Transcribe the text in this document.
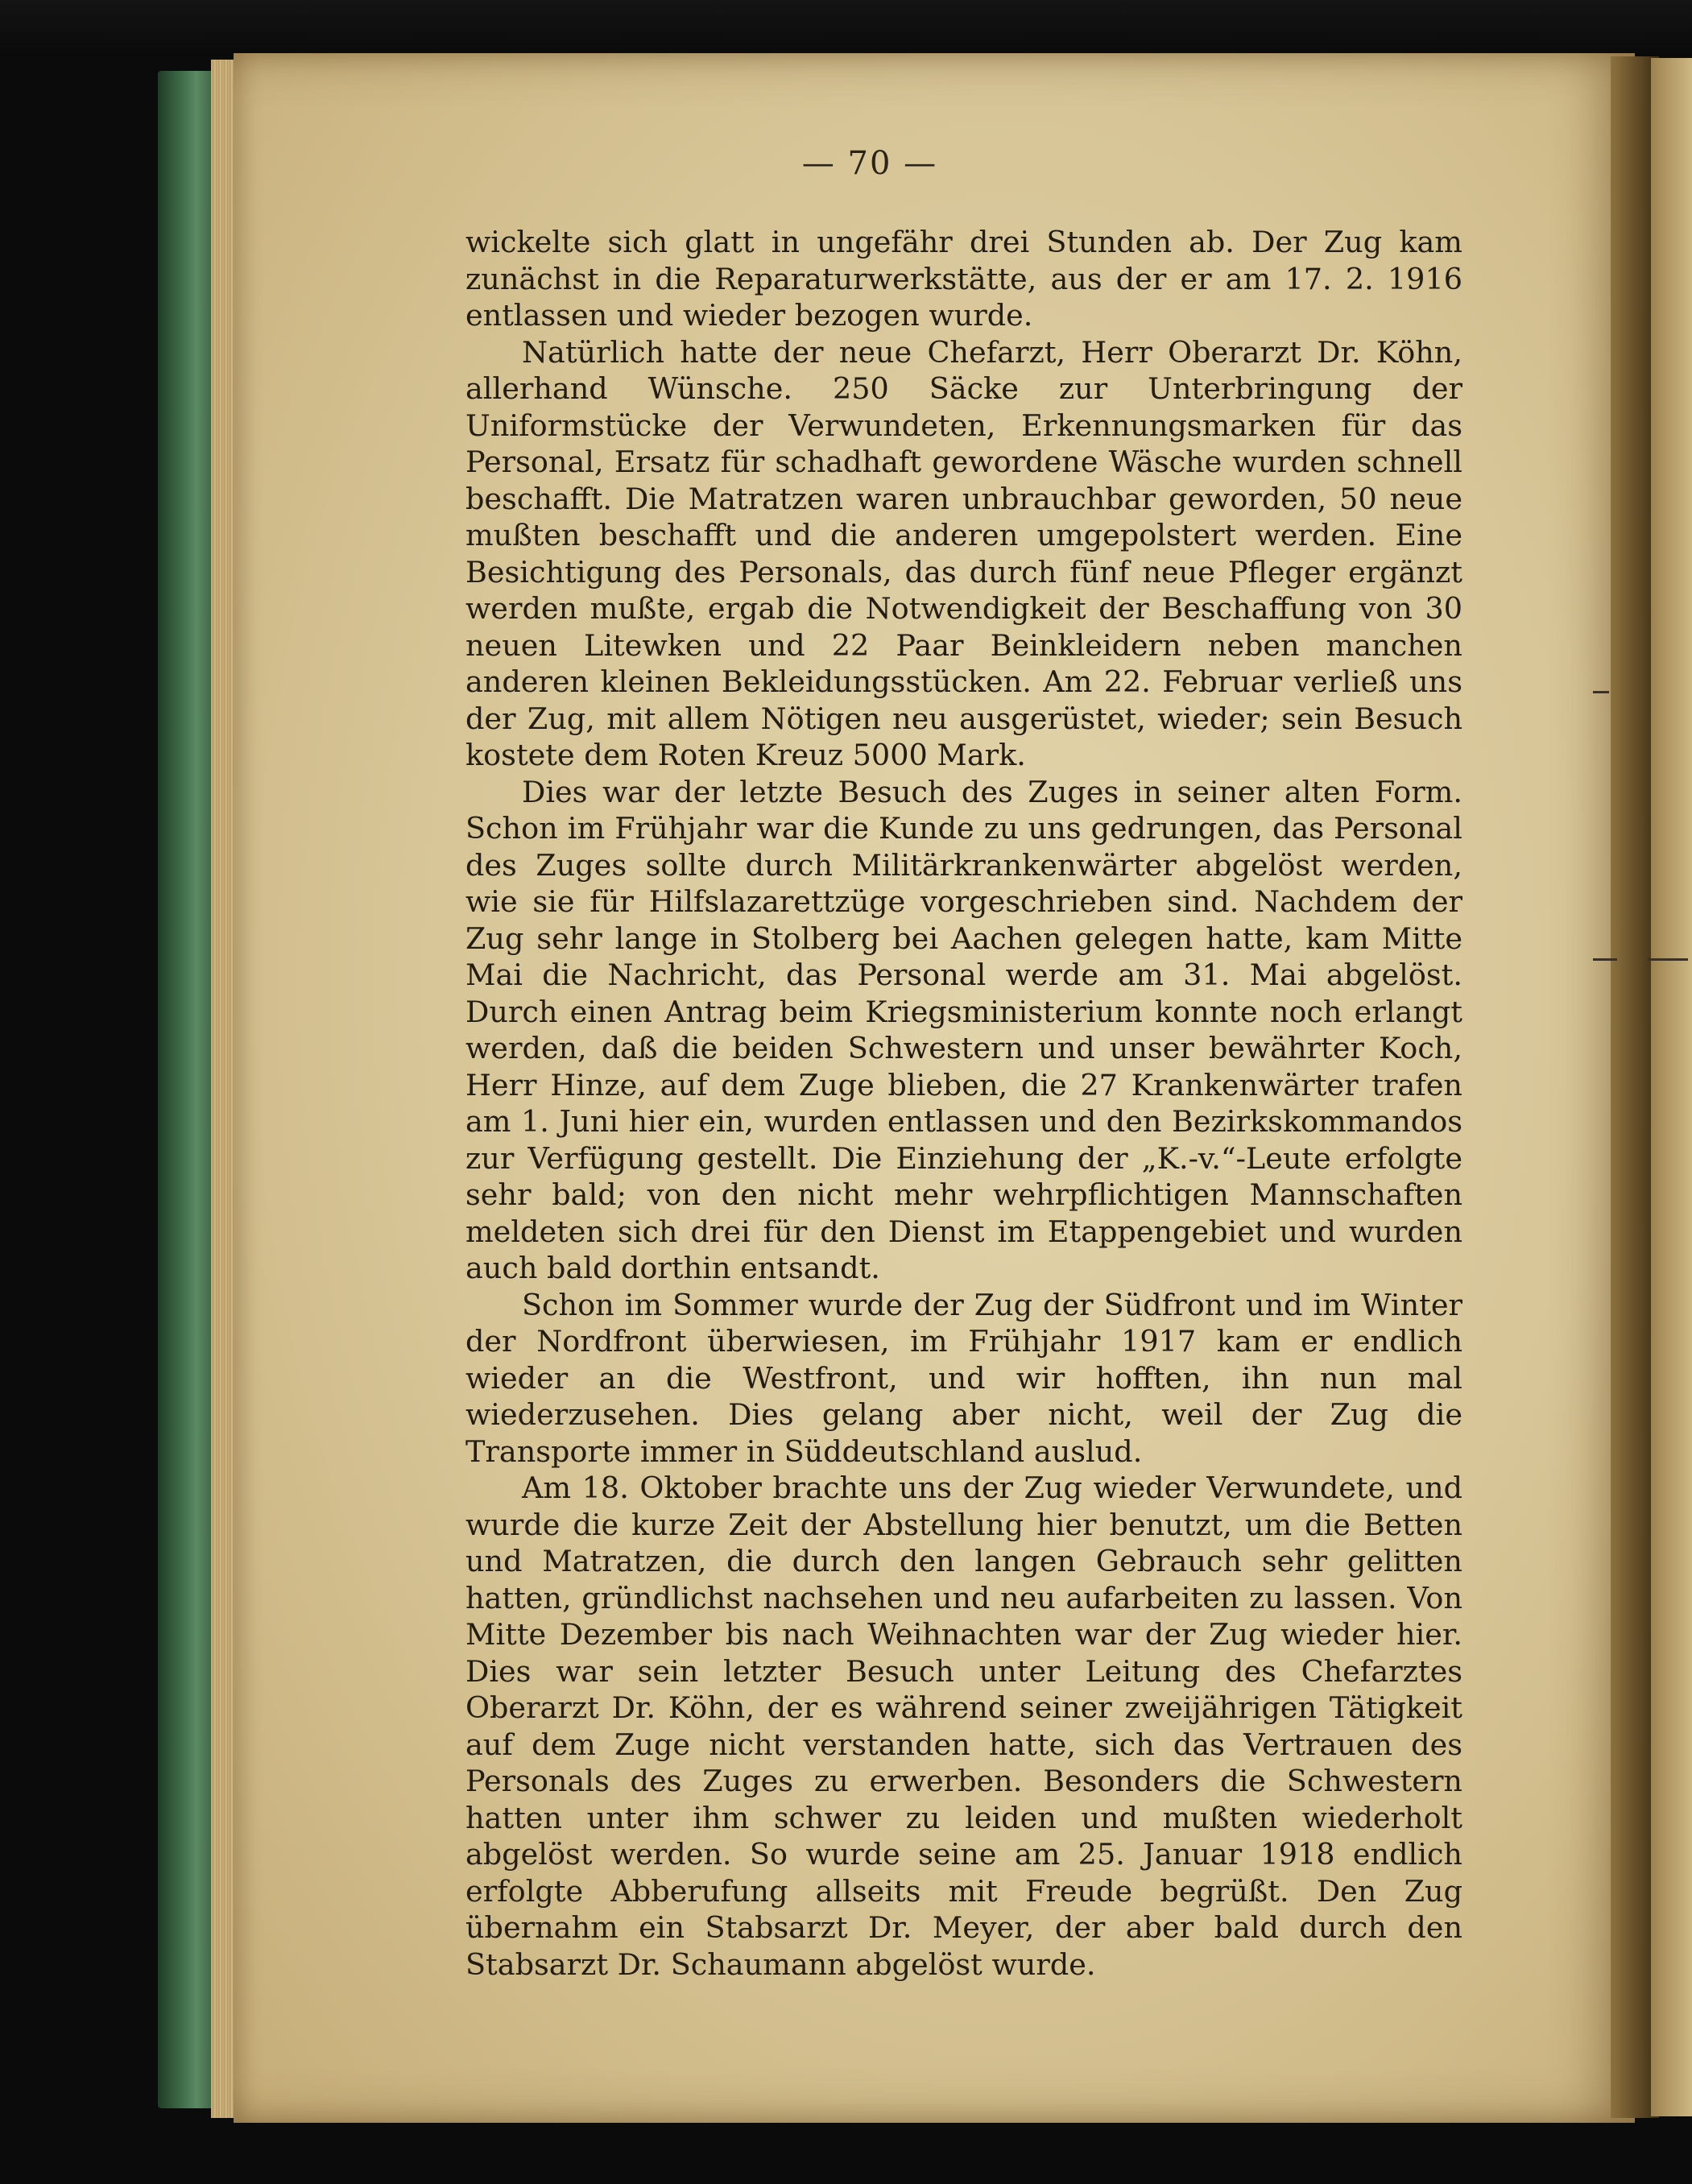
— 70 —

wickelte sich glatt in ungefähr drei Stunden ab. Der Zug kam zunächst in die Reparaturwerkstätte, aus der er am 17. 2. 1916 entlassen und wieder bezogen wurde.

Natürlich hatte der neue Chefarzt, Herr Oberarzt Dr. Köhn, allerhand Wünsche. 250 Säcke zur Unterbringung der Uniformstücke der Verwundeten, Erkennungsmarken für das Personal, Ersatz für schadhaft gewordene Wäsche wurden schnell beschafft. Die Matratzen waren unbrauchbar geworden, 50 neue mußten beschafft und die anderen umgepolstert werden. Eine Besichtigung des Personals, das durch fünf neue Pfleger ergänzt werden mußte, ergab die Notwendigkeit der Beschaffung von 30 neuen Litewken und 22 Paar Beinkleidern neben manchen anderen kleinen Bekleidungsstücken. Am 22. Februar verließ uns der Zug, mit allem Nötigen neu ausgerüstet, wieder; sein Besuch kostete dem Roten Kreuz 5000 Mark.

Dies war der letzte Besuch des Zuges in seiner alten Form. Schon im Frühjahr war die Kunde zu uns gedrungen, das Personal des Zuges sollte durch Militärkrankenwärter abgelöst werden, wie sie für Hilfslazarettzüge vorgeschrieben sind. Nachdem der Zug sehr lange in Stolberg bei Aachen gelegen hatte, kam Mitte Mai die Nachricht, das Personal werde am 31. Mai abgelöst. Durch einen Antrag beim Kriegsministerium konnte noch erlangt werden, daß die beiden Schwestern und unser bewährter Koch, Herr Hinze, auf dem Zuge blieben, die 27 Krankenwärter trafen am 1. Juni hier ein, wurden entlassen und den Bezirkskommandos zur Verfügung gestellt. Die Einziehung der „K.-v.“-Leute erfolgte sehr bald; von den nicht mehr wehrpflichtigen Mannschaften meldeten sich drei für den Dienst im Etappengebiet und wurden auch bald dorthin entsandt.

Schon im Sommer wurde der Zug der Südfront und im Winter der Nordfront überwiesen, im Frühjahr 1917 kam er endlich wieder an die Westfront, und wir hofften, ihn nun mal wiederzusehen. Dies gelang aber nicht, weil der Zug die Transporte immer in Süddeutschland auslud.

Am 18. Oktober brachte uns der Zug wieder Verwundete, und wurde die kurze Zeit der Abstellung hier benutzt, um die Betten und Matratzen, die durch den langen Gebrauch sehr gelitten hatten, gründlichst nachsehen und neu aufarbeiten zu lassen. Von Mitte Dezember bis nach Weihnachten war der Zug wieder hier. Dies war sein letzter Besuch unter Leitung des Chefarztes Oberarzt Dr. Köhn, der es während seiner zweijährigen Tätigkeit auf dem Zuge nicht verstanden hatte, sich das Vertrauen des Personals des Zuges zu erwerben. Besonders die Schwestern hatten unter ihm schwer zu leiden und mußten wiederholt abgelöst werden. So wurde seine am 25. Januar 1918 endlich erfolgte Abberufung allseits mit Freude begrüßt. Den Zug übernahm ein Stabsarzt Dr. Meyer, der aber bald durch den Stabsarzt Dr. Schaumann abgelöst wurde.
